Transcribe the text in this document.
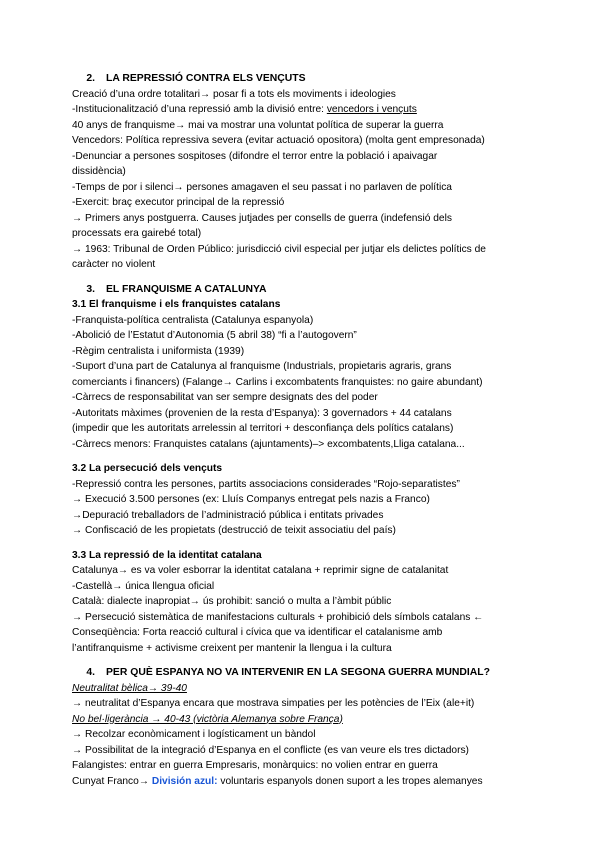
2. LA REPRESSIÓ CONTRA ELS VENÇUTS
Creació d’una ordre totalitari→ posar fi a tots els moviments i ideologies
-Institucionalització d’una repressió amb la divisió entre: vencedors i vençuts
40 anys de franquisme→ mai va mostrar una voluntat política de superar la guerra
Vencedors: Política repressiva severa (evitar actuació opositora) (molta gent empresonada)
-Denunciar a persones sospitoses (difondre el terror entre la població i apaivagar
dissidència)
-Temps de por i silenci→ persones amagaven el seu passat i no parlaven de política
-Exercit: braç executor principal de la repressió
→ Primers anys postguerra. Causes jutjades per consells de guerra (indefensió dels
processats era gairebé total)
→ 1963: Tribunal de Orden Público: jurisdicció civil especial per jutjar els delictes polítics de
caràcter no violent
3. EL FRANQUISME A CATALUNYA
3.1 El franquisme i els franquistes catalans
-Franquista-política centralista (Catalunya espanyola)
-Abolició de l’Estatut d’Autonomia (5 abril 38) “fi a l’autogovern”
-Règim centralista i uniformista (1939)
-Suport d’una part de Catalunya al franquisme (Industrials, propietaris agraris, grans
comerciants i financers) (Falange→ Carlins i excombatents franquistes: no gaire abundant)
-Càrrecs de responsabilitat van ser sempre designats des del poder
-Autoritats màximes (provenien de la resta d’Espanya): 3 governadors + 44 catalans
(impedir que les autoritats arrelessin al territori + desconfiança dels polítics catalans)
-Càrrecs menors: Franquistes catalans (ajuntaments)–> excombatents,Lliga catalana...
3.2 La persecució dels vençuts
-Repressió contra les persones, partits associacions considerades “Rojo-separatistes”
→ Execució 3.500 persones (ex: Lluís Companys entregat pels nazis a Franco)
→Depuració treballadors de l’administració pública i entitats privades
→ Confiscació de les propietats (destrucció de teixit associatiu del país)
3.3 La repressió de la identitat catalana
Catalunya→ es va voler esborrar la identitat catalana + reprimir signe de catalanitat
-Castellà→ única llengua oficial
Català: dialecte inapropiat→ ús prohibit: sanció o multa a l’àmbit públic
→ Persecució sistemàtica de manifestacions culturals + prohibició dels símbols catalans ←
Conseqüència: Forta reacció cultural i cívica que va identificar el catalanisme amb
l’antifranquisme + activisme creixent per mantenir la llengua i la cultura
4. PER QUÈ ESPANYA NO VA INTERVENIR EN LA SEGONA GUERRA MUNDIAL?
Neutralitat bèlica→ 39-40
→ neutralitat d’Espanya encara que mostrava simpaties per les potències de l’Eix (ale+it)
No bel·ligerància → 40-43 (victòria Alemanya sobre França)
→ Recolzar econòmicament i logísticament un bàndol
→ Possibilitat de la integració d’Espanya en el conflicte (es van veure els tres dictadors)
Falangistes: entrar en guerra Empresaris, monàrquics: no volien entrar en guerra
Cunyat Franco→ División azul: voluntaris espanyols donen suport a les tropes alemanyes
